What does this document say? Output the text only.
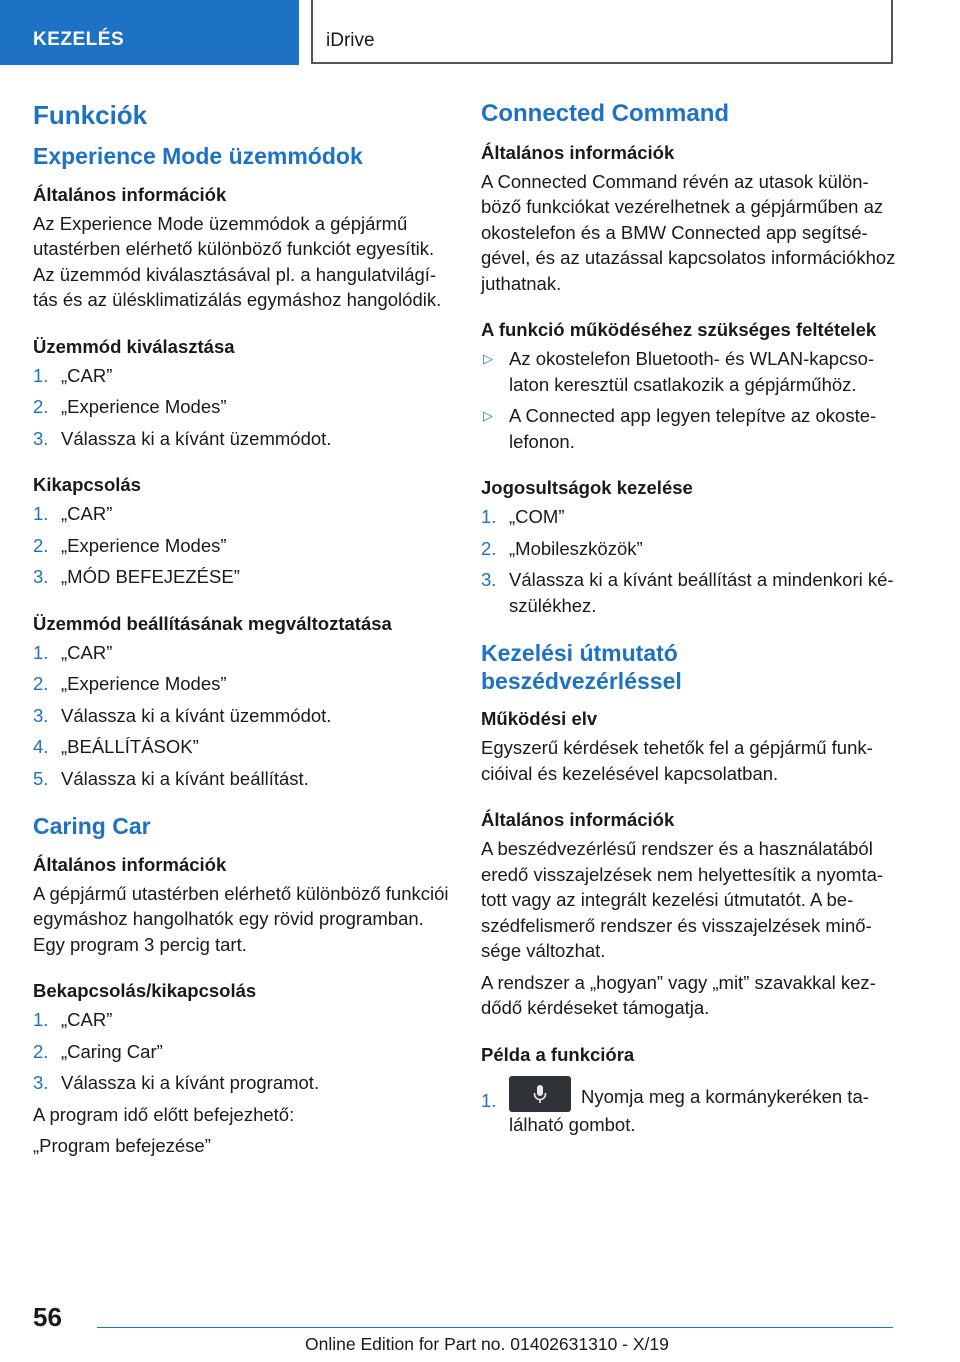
KEZELÉS	iDrive
Funkciók
Experience Mode üzemmódok
Általános információk

Az Experience Mode üzemmódok a gépjármű utastérben elérhető különböző funkciót egyesítik. Az üzemmód kiválasztásával pl. a hangulatvilágítás és az ülésklimatizálás egymáshoz hangolódik.

Üzemmód kiválasztása
1. „CAR”
2. „Experience Modes”
3. Válassza ki a kívánt üzemmódot.
Kikapcsolás
1. „CAR”
2. „Experience Modes”
3. „MÓD BEFEJEZÉSE”
Üzemmód beállításának megváltoztatása
1. „CAR”
2. „Experience Modes”
3. Válassza ki a kívánt üzemmódot.
4. „BEÁLLÍTÁSOK”
5. Válassza ki a kívánt beállítást.
Caring Car
Általános információk

A gépjármű utastérben elérhető különböző funkciói egymáshoz hangolhatók egy rövid programban. Egy program 3 percig tart.

Bekapcsolás/kikapcsolás
1. „CAR”
2. „Caring Car”
3. Válassza ki a kívánt programot.

A program idő előtt befejezhető:

„Program befejezése”

Connected Command
Általános információk

A Connected Command révén az utasok különböző funkciókat vezérelhetnek a gépjárműben az okostelefon és a BMW Connected app segítségével, és az utazással kapcsolatos információkhoz juthatnak.

A funkció működéséhez szükséges feltételek
▷ Az okostelefon Bluetooth- és WLAN-kapcsolaton keresztül csatlakozik a gépjárműhöz.
▷ A Connected app legyen telepítve az okostelefonon.
Jogosultságok kezelése
1. „COM”
2. „Mobileszközök”
3. Válassza ki a kívánt beállítást a mindenkori készülékhez.
Kezelési útmutató beszédvezérléssel
Működési elv

Egyszerű kérdések tehetők fel a gépjármű funkcióival és kezelésével kapcsolatban.

Általános információk

A beszédvezérlésű rendszer és a használatából eredő visszajelzések nem helyettesítik a nyomtatott vagy az integrált kezelési útmutatót. A beszédfelismerő rendszer és visszajelzések minősége változhat.

A rendszer a „hogyan” vagy „mit” szavakkal kezdődő kérdéseket támogatja.

Példa a funkcióra
1.	Nyomja meg a kormánykeréken található gombot.
56
Online Edition for Part no. 01402631310 - X/19
